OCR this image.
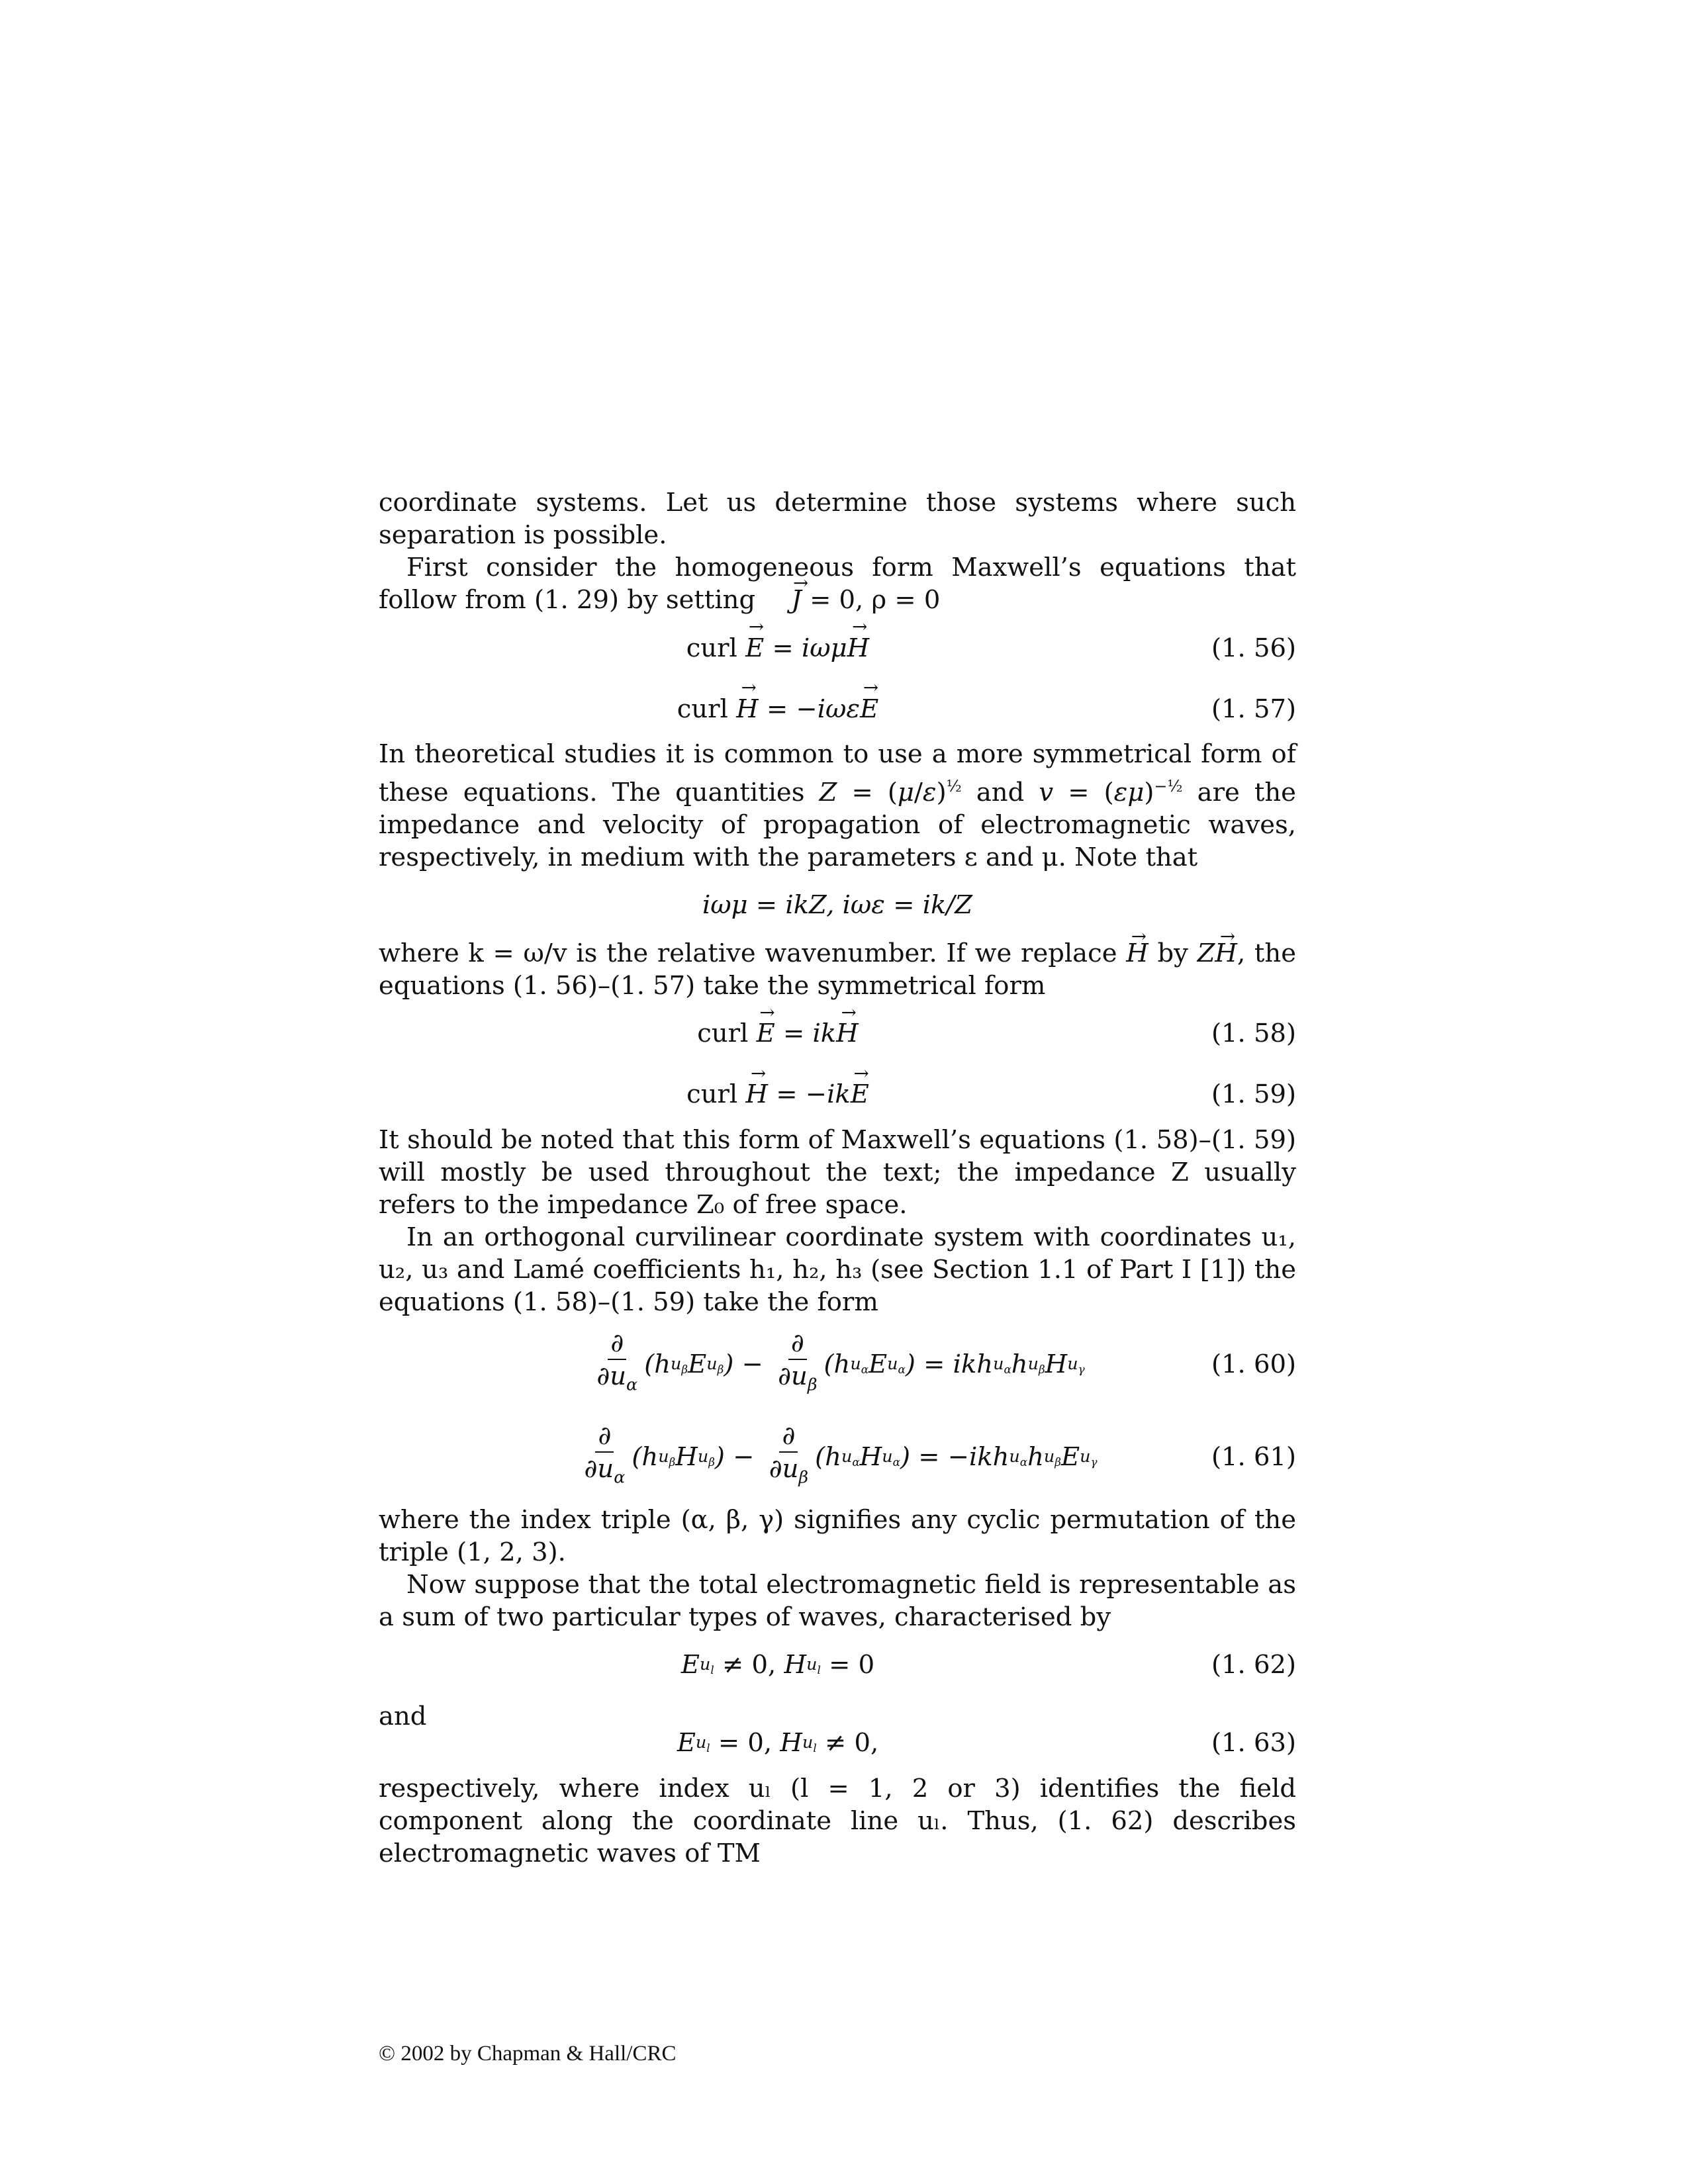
coordinate systems. Let us determine those systems where such separation is possible.

First consider the homogeneous form Maxwell’s equations that follow from (1. 29) by setting → J = 0, ρ = 0

curl → E
= iωμ → H	(1. 56)
curl → H
= − iωε → E	(1. 57)

In theoretical studies it is common to use a more symmetrical form of these equations. The quantities $Z = (\mu/\varepsilon)^{\frac{1}{2}}$ and $v = (\varepsilon\mu)^{-\frac{1}{2}}$ are the impedance and velocity of propagation of electromagnetic waves, respectively, in medium with the parameters ε and μ. Note that

iωμ = ikZ, iωε = ik/Z

where k = ω/v is the relative wavenumber. If we replace → H by Z→ H, the equations (1. 56)–(1. 57) take the symmetrical form

curl → E
= ik → H	(1. 58)
curl → H
= − ik → E	(1. 59)

It should be noted that this form of Maxwell’s equations (1. 58)–(1. 59) will mostly be used throughout the text; the impedance Z usually refers to the impedance Z₀ of free space.

In an orthogonal curvilinear coordinate system with coordinates u₁, u₂, u₃ and Lamé coefficients h₁, h₂, h₃ (see Section 1.1 of Part I [1]) the equations (1. 58)–(1. 59) take the form

$\frac{\partial}{\partial u_\alpha} (h$ $u_\beta$ E $u_\beta$ ) − $\frac{\partial}{\partial u_\beta} (h$ $u_\alpha$ E $u_\alpha$ ) = ikh $u_\alpha$ h $u_\beta$ H $u_\gamma$	(1. 60)
$\frac{\partial}{\partial u_\alpha} (h$ $u_\beta$ H $u_\beta$ ) − $\frac{\partial}{\partial u_\beta} (h$ $u_\alpha$ H $u_\alpha$ ) = − ikh $u_\alpha$ h $u_\beta$ E $u_\gamma$	(1. 61)

where the index triple (α, β, γ) signifies any cyclic permutation of the triple (1, 2, 3).

Now suppose that the total electromagnetic field is representable as a sum of two particular types of waves, characterised by

E $u_l \ne 0$, H $u_l = 0$	(1. 62)
and
E $u_l = 0$, H $u_l \ne 0$,	(1. 63)

respectively, where index uₗ (l = 1, 2 or 3) identifies the field component along the coordinate line uₗ. Thus, (1. 62) describes electromagnetic waves of TM

© 2002 by Chapman & Hall/CRC
